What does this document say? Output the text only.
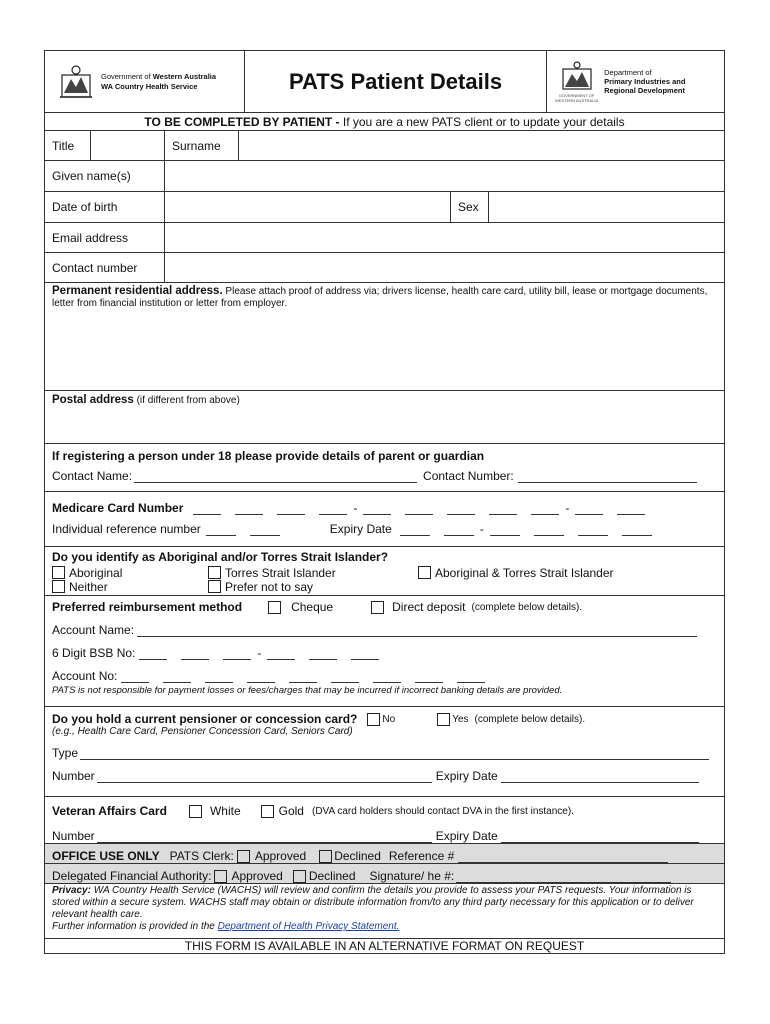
Government of Western Australia
WA Country Health Service	PATS Patient Details
GOVERNMENT OF
WESTERN AUSTRALIA
Department of
Primary Industries and
Regional Development
TO BE COMPLETED BY PATIENT - If you are a new PATS client or to update your details
Title	Surname
Given name(s)
Date of birth	Sex
Email address
Contact number
Permanent residential address. Please attach proof of address via; drivers license, health care card, utility bill, lease or mortgage documents, letter from financial institution or letter from employer.
Postal address (if different from above)
If registering a person under 18 please provide details of parent or guardian
Contact Name:	Contact Number:
Medicare Card Number	-	-
Individual reference number	Expiry Date	-
Do you identify as Aboriginal and/or Torres Strait Islander?
Aboriginal	Torres Strait Islander	Aboriginal & Torres Strait Islander
Neither	Prefer not to say
Preferred reimbursement method	Cheque	Direct deposit (complete below details).
Account Name:
6 Digit BSB No:	-
Account No:
PATS is not responsible for payment losses or fees/charges that may be incurred if incorrect banking details are provided.
Do you hold a current pensioner or concession card?	No	Yes (complete below details).
(e.g., Health Care Card, Pensioner Concession Card, Seniors Card)
Type
Number	Expiry Date
Veteran Affairs Card	White	Gold (DVA card holders should contact DVA in the first instance).
Number	Expiry Date
OFFICE USE ONLY PATS Clerk: Approved Declined Reference #
Delegated Financial Authority: Approved Declined Signature/ he #:
Privacy: WA Country Health Service (WACHS) will review and confirm the details you provide to assess your PATS requests. Your information is stored within a secure system. WACHS staff may obtain or distribute information from/to any third party necessary for this application or to deliver relevant health care.
Further information is provided in the Department of Health Privacy Statement.
THIS FORM IS AVAILABLE IN AN ALTERNATIVE FORMAT ON REQUEST
